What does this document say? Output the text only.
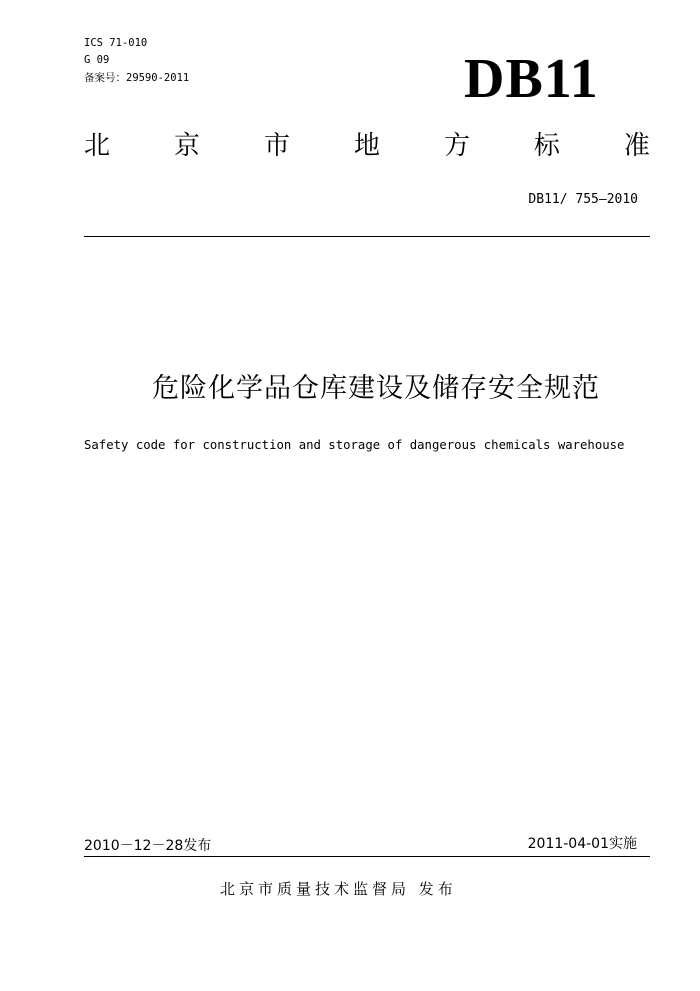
ICS 71-010
G 09
备案号：29590-2011	DB11
北 京 市 地 方 标 准
DB11/ 755—2010
危险化学品仓库建设及储存安全规范
Safety code for construction and storage of dangerous chemicals warehouse
2010－12－28发布	2011-04-01实施
北京市质量技术监督局 发布
